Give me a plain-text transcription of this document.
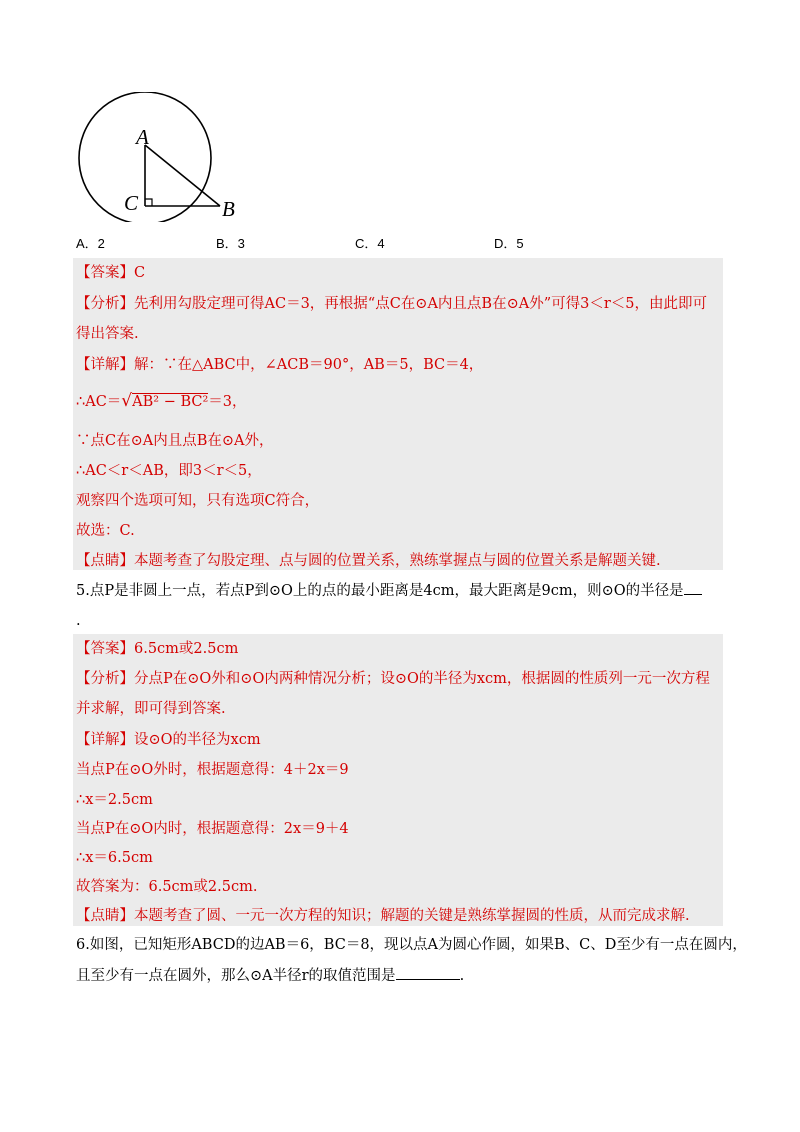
A
C	B
A．2	B．3	C．4	D．5
【答案】C
【分析】先利用勾股定理可得AC＝3，再根据“点C在⊙A内且点B在⊙A外”可得3＜r＜5，由此即可
得出答案.
【详解】解：∵在△ABC中，∠ACB＝90°，AB＝5，BC＝4，
∴AC＝√AB² − BC²＝3，
∵点C在⊙A内且点B在⊙A外，
∴AC＜r＜AB，即3＜r＜5，
观察四个选项可知，只有选项C符合，
故选：C.
【点睛】本题考查了勾股定理、点与圆的位置关系，熟练掌握点与圆的位置关系是解题关键.
5.点P是非圆上一点，若点P到⊙O上的点的最小距离是4cm，最大距离是9cm，则⊙O的半径是
.
【答案】6.5cm或2.5cm
【分析】分点P在⊙O外和⊙O内两种情况分析；设⊙O的半径为xcm，根据圆的性质列一元一次方程
并求解，即可得到答案.
【详解】设⊙O的半径为xcm
当点P在⊙O外时，根据题意得：4＋2x＝9
∴x＝2.5cm
当点P在⊙O内时，根据题意得：2x＝9＋4
∴x＝6.5cm
故答案为：6.5cm或2.5cm.
【点睛】本题考查了圆、一元一次方程的知识；解题的关键是熟练掌握圆的性质，从而完成求解.
6.如图，已知矩形ABCD的边AB＝6，BC＝8，现以点A为圆心作圆，如果B、C、D至少有一点在圆内，
且至少有一点在圆外，那么⊙A半径r的取值范围是	.
